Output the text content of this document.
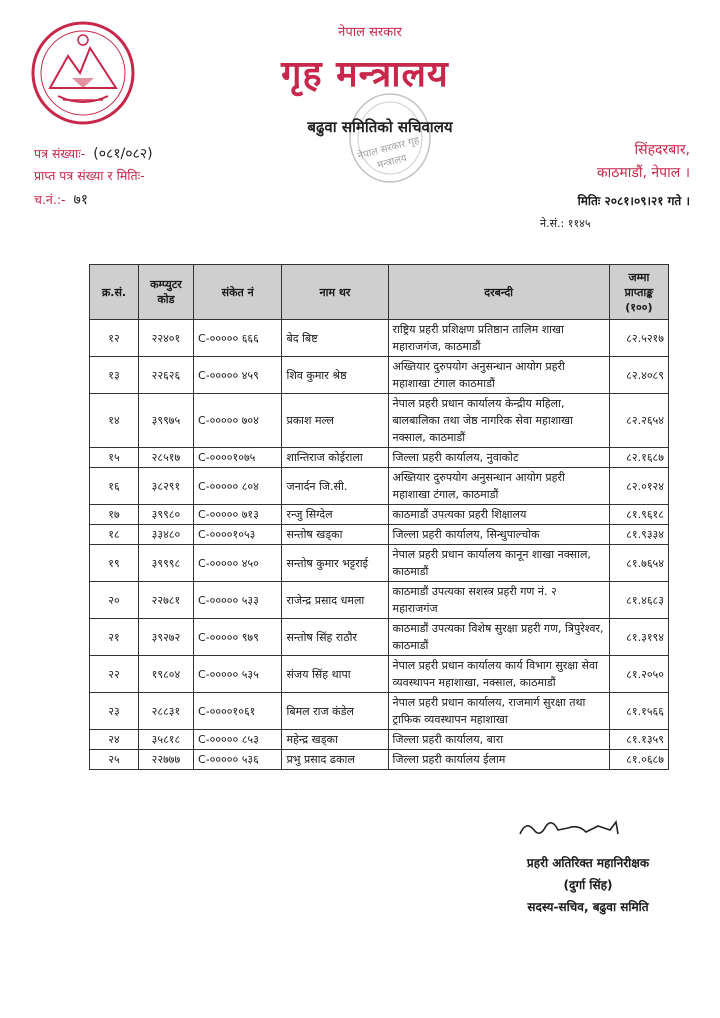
नेपाल सरकार
गृह मन्त्रालय
नेपाल सरकार गृह मन्त्रालय
बढुवा समितिको सचिवालय
पत्र संख्याः- (०८१/०८२)
प्राप्त पत्र संख्या र मितिः-
च.नं.:- ७१
सिंहदरबार,
काठमाडौं, नेपाल ।
मितिः २०८१।०९।२१ गते ।
ने.सं.: ११४५
क्र.सं.	कम्प्युटर कोड	संकेत नं	नाम थर	दरबन्दी	जम्मा प्राप्ताङ्क (१००)
१२	२२४०१	C-००००० ६६६	बेद बिष्ट	राष्ट्रिय प्रहरी प्रशिक्षण प्रतिष्ठान तालिम शाखा महाराजगंज, काठमाडौं	८२.५२१७
१३	२२६२६	C-००००० ४५९	शिव कुमार श्रेष्ठ	अख्तियार दुरुपयोग अनुसन्धान आयोग प्रहरी महाशाखा टंगाल काठमाडौं	८२.४०८९
१४	३९९७५	C-००००० ७०४	प्रकाश मल्ल	नेपाल प्रहरी प्रधान कार्यालय केन्द्रीय महिला, बालबालिका तथा जेष्ठ नागरिक सेवा महाशाखा नक्साल, काठमाडौं	८२.२६५४
१५	२८५१७	C-००००१०७५	शान्तिराज कोईराला	जिल्ला प्रहरी कार्यालय, नुवाकोट	८२.१६८७
१६	३८२९१	C-००००० ८०४	जनार्दन जि.सी.	अख्तियार दुरुपयोग अनुसन्धान आयोग प्रहरी महाशाखा टंगाल, काठमाडौं	८२.०१२४
१७	३९९८०	C-००००० ७१३	रन्जु सिग्देल	काठमाडौं उपत्यका प्रहरी शिक्षालय	८१.९६१८
१८	३३४८०	C-००००१०५३	सन्तोष खड्का	जिल्ला प्रहरी कार्यालय, सिन्धुपाल्चोक	८१.९३३४
१९	३९९९८	C-००००० ४५०	सन्तोष कुमार भट्टराई	नेपाल प्रहरी प्रधान कार्यालय कानून शाखा नक्साल, काठमाडौं	८१.७६५४
२०	२२७८१	C-००००० ५३३	राजेन्द्र प्रसाद धमला	काठमाडौं उपत्यका सशस्त्र प्रहरी गण नं. २ महाराजगंज	८१.४६८३
२१	३९२७२	C-००००० ९७९	सन्तोष सिंह राठौर	काठमाडौं उपत्यका विशेष सुरक्षा प्रहरी गण, त्रिपुरेश्वर, काठमाडौं	८१.३१९४
२२	१९८०४	C-००००० ५३५	संजय सिंह थापा	नेपाल प्रहरी प्रधान कार्यालय कार्य विभाग सुरक्षा सेवा व्यवस्थापन महाशाखा, नक्साल, काठमाडौं	८१.२०५०
२३	२८८३१	C-००००१०६१	बिमल राज कंडेल	नेपाल प्रहरी प्रधान कार्यालय, राजमार्ग सुरक्षा तथा ट्राफिक व्यवस्थापन महाशाखा	८१.१५६६
२४	३५८१८	C-००००० ८५३	महेन्द्र खड्का	जिल्ला प्रहरी कार्यालय, बारा	८१.१३५९
२५	२२७७७	C-००००० ५३६	प्रभु प्रसाद ढकाल	जिल्ला प्रहरी कार्यालय ईलाम	८१.०६८७
प्रहरी अतिरिक्त महानिरीक्षक
(दुर्गा सिंह)
सदस्य-सचिव, बढुवा समिति
